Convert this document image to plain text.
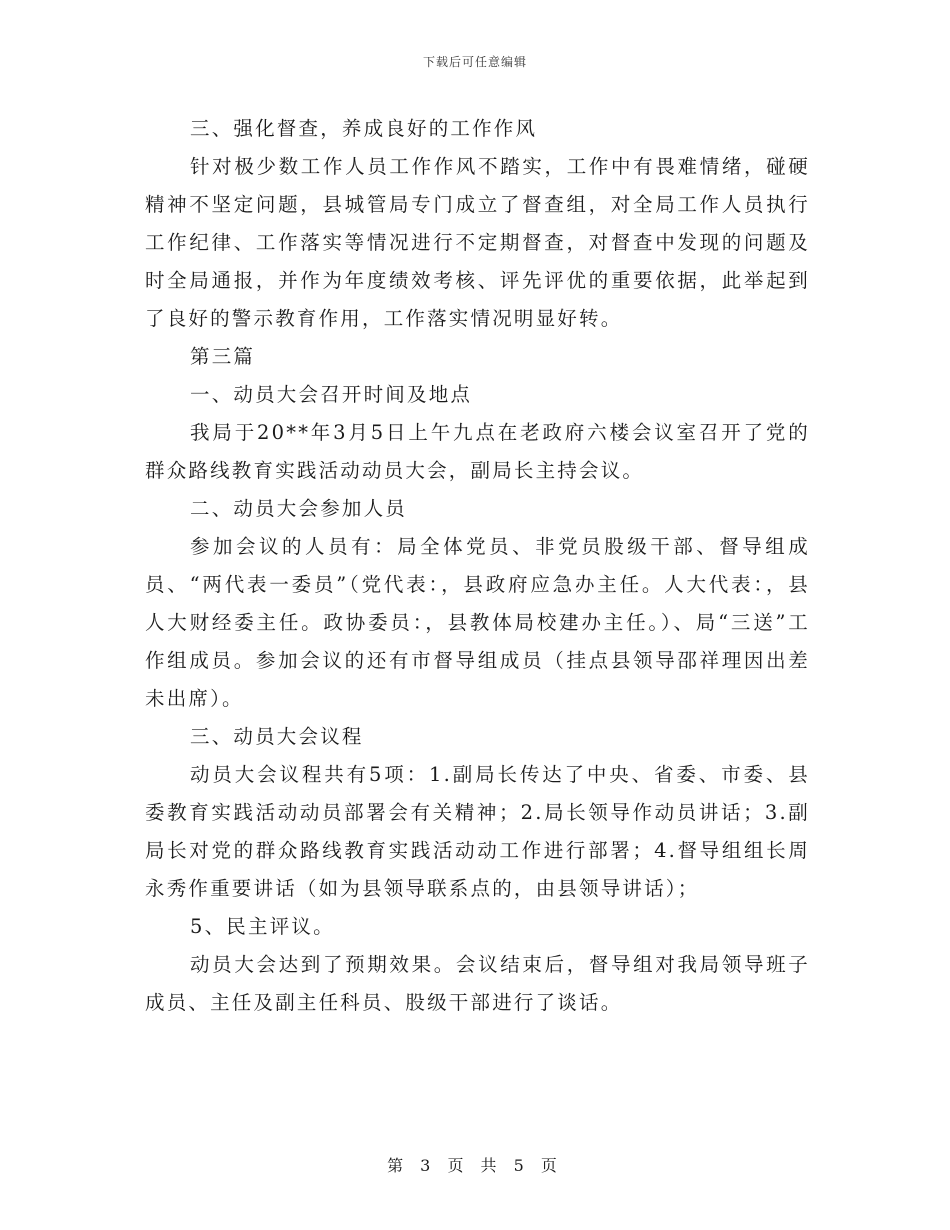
下载后可任意编辑

三、强化督查，养成良好的工作作风

针对极少数工作人员工作作风不踏实，工作中有畏难情绪，碰硬精神不坚定问题，县城管局专门成立了督查组，对全局工作人员执行工作纪律、工作落实等情况进行不定期督查，对督查中发现的问题及时全局通报，并作为年度绩效考核、评先评优的重要依据，此举起到了良好的警示教育作用，工作落实情况明显好转。

第三篇

一、动员大会召开时间及地点

我局于20**年3月5日上午九点在老政府六楼会议室召开了党的群众路线教育实践活动动员大会，副局长主持会议。

二、动员大会参加人员

参加会议的人员有：局全体党员、非党员股级干部、督导组成员、“两代表一委员”（党代表：，县政府应急办主任。人大代表：，县人大财经委主任。政协委员：，县教体局校建办主任。）、局“三送”工作组成员。参加会议的还有市督导组成员（挂点县领导邵祥理因出差未出席）。

三、动员大会议程

动员大会议程共有5项：1.副局长传达了中央、省委、市委、县委教育实践活动动员部署会有关精神；2.局长领导作动员讲话；3.副局长对党的群众路线教育实践活动动工作进行部署；4.督导组组长周永秀作重要讲话（如为县领导联系点的，由县领导讲话）；

5、民主评议。

动员大会达到了预期效果。会议结束后，督导组对我局领导班子成员、主任及副主任科员、股级干部进行了谈话。

第 3 页 共 5 页
